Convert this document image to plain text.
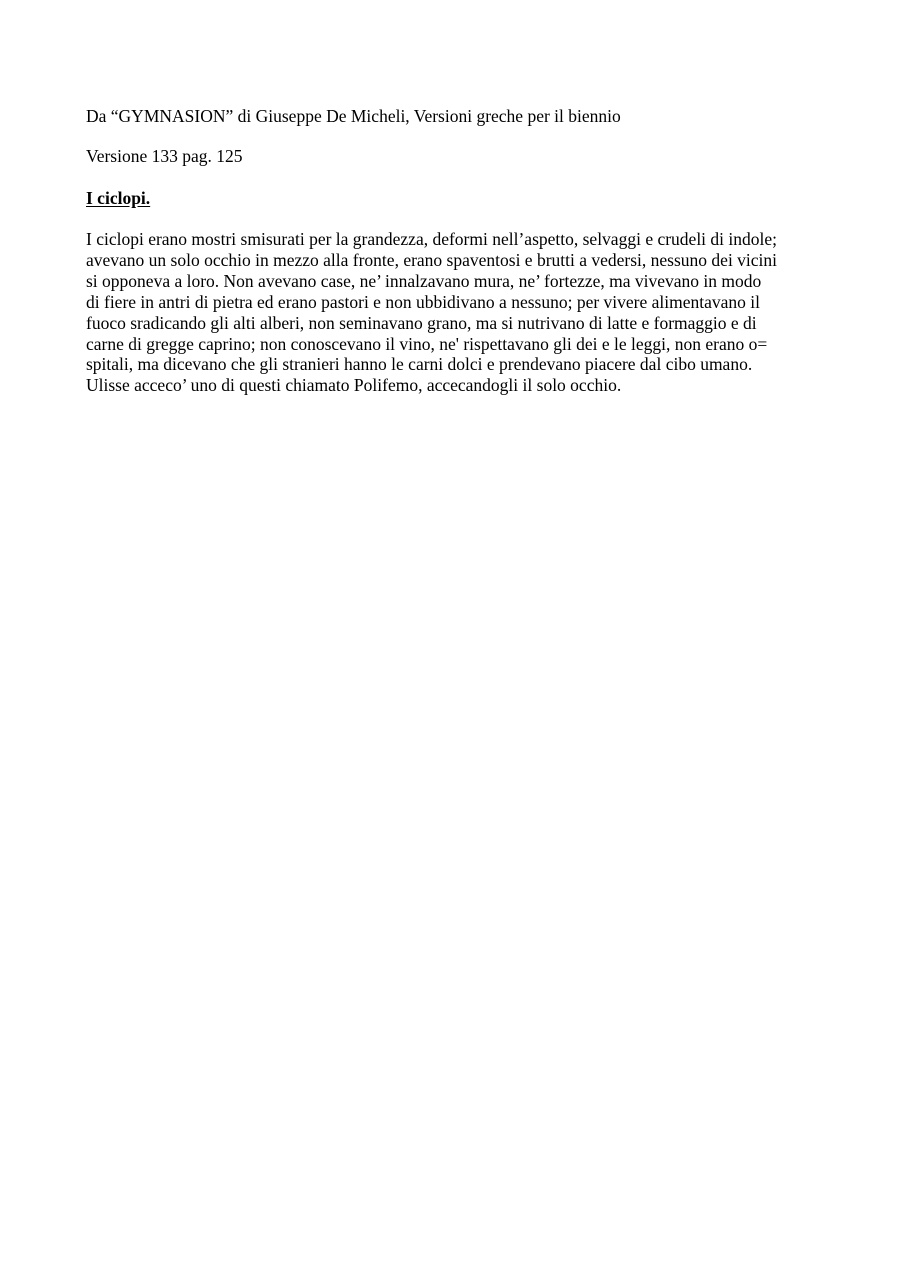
Da “GYMNASION” di Giuseppe De Micheli, Versioni greche per il biennio
Versione 133 pag. 125
I ciclopi.
I ciclopi erano mostri smisurati per la grandezza, deformi nell’aspetto, selvaggi e crudeli di indole;
avevano un solo occhio in mezzo alla fronte, erano spaventosi e brutti a vedersi, nessuno dei vicini
si opponeva a loro. Non avevano case, ne’ innalzavano mura, ne’ fortezze, ma vivevano in modo
di fiere in antri di pietra ed erano pastori e non ubbidivano a nessuno; per vivere alimentavano il
fuoco sradicando gli alti alberi, non seminavano grano, ma si nutrivano di latte e formaggio e di
carne di gregge caprino; non conoscevano il vino, ne' rispettavano gli dei e le leggi, non erano o=
spitali, ma dicevano che gli stranieri hanno le carni dolci e prendevano piacere dal cibo umano.
Ulisse acceco’ uno di questi chiamato Polifemo, accecandogli il solo occhio.
